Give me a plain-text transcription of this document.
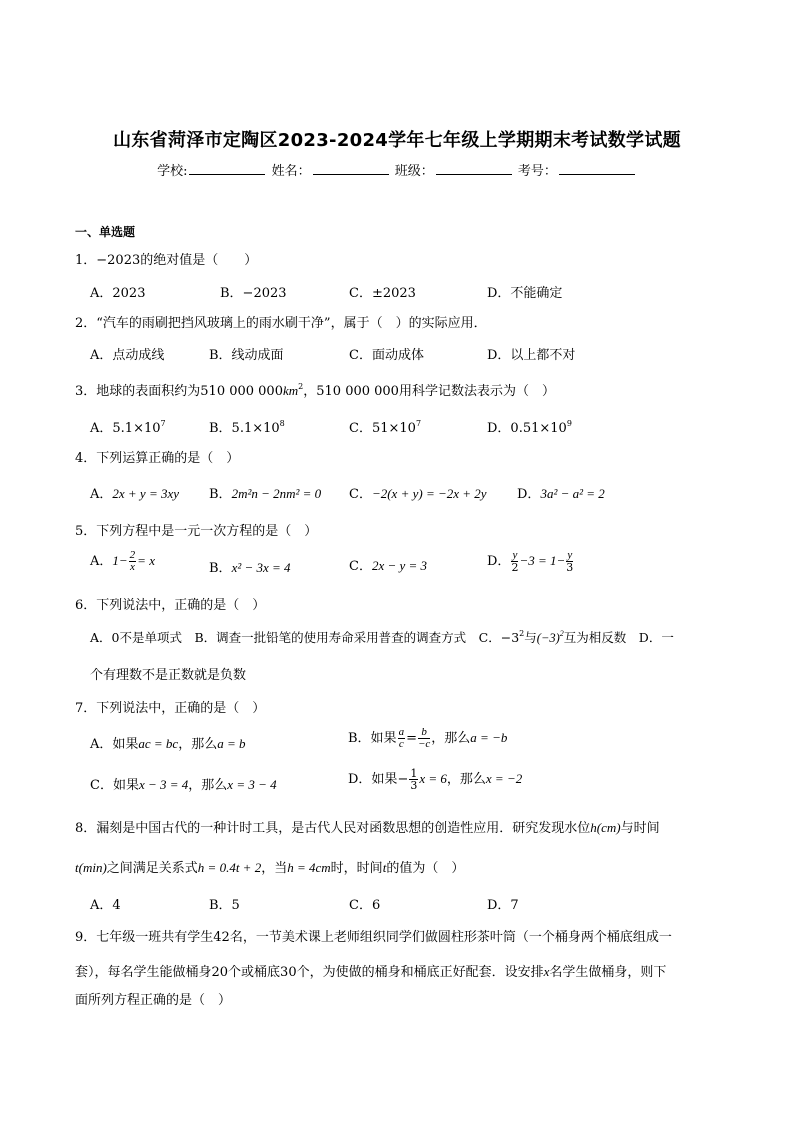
山东省菏泽市定陶区2023-2024学年七年级上学期期末考试数学试题
学校:	姓名：	班级：	考号：
一、单选题
1．−2023的绝对值是（　　）
A．2023	B．−2023	C．±2023	D．不能确定
2．“汽车的雨刷把挡风玻璃上的雨水刷干净”，属于（　）的实际应用．
A．点动成线	B．线动成面	C．面动成体	D．以上都不对
3．地球的表面积约为510 000 $000km^2$，510 000 000用科学记数法表示为（　）
A．$5.1\times 10^7$	B．$5.1\times 10^8$	C．$51\times 10^7$	D．$0.51\times 10^9$
4．下列运算正确的是（　）
A．2x + y = 3xy B．2m²n − 2nm² = 0 C．−2(x + y) = −2x + 2y D．3a² − a² = 2
5．下列方程中是一元一次方程的是（　）
A．$1- \frac{2}{x} = x$
B．x² − 3x = 4	C．2x − y = 3	D． $\frac{y}{2} -3 = 1- \frac{y}{3}$
6．下列说法中，正确的是（　）
A．0不是单项式　B．调查一批铅笔的使用寿命采用普查的调查方式　C．$-3^2$与$(-3)^2$互为相反数　D．一
个有理数不是正数就是负数
7．下列说法中，正确的是（　）
A．如果ac = bc，那么a = b	B．如果 $\frac{a}{c} = \frac{b}{-c}$ ，那么a = −b
C．如果x − 3 = 4，那么x = 3 − 4	D．如果− $\frac{1}{3}$ x = 6，那么x = −2
8．漏刻是中国古代的一种计时工具，是古代人民对函数思想的创造性应用．研究发现水位h(cm)与时间
t(min)之间满足关系式h = 0.4t + 2，当h = 4cm时，时间t的值为（　）
A．4	B．5	C．6	D．7
9．七年级一班共有学生42名，一节美术课上老师组织同学们做圆柱形茶叶筒（一个桶身两个桶底组成一
套），每名学生能做桶身20个或桶底30个，为使做的桶身和桶底正好配套．设安排x名学生做桶身，则下
面所列方程正确的是（　）
